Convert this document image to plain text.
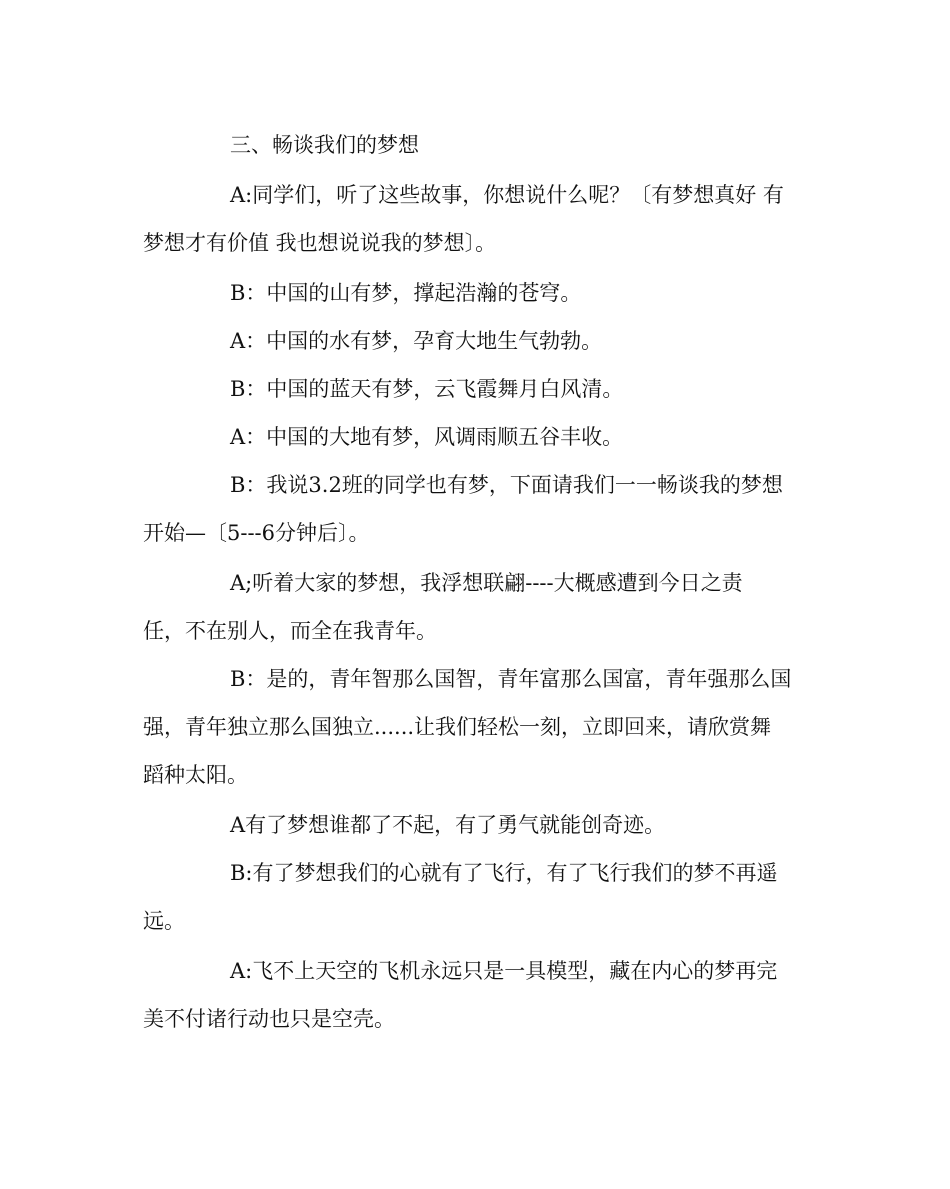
三、畅谈我们的梦想
A:同学们，听了这些故事，你想说什么呢？〔有梦想真好 有
梦想才有价值 我也想说说我的梦想〕。
B：中国的山有梦，撑起浩瀚的苍穹。
A：中国的水有梦，孕育大地生气勃勃。
B：中国的蓝天有梦，云飞霞舞月白风清。
A：中国的大地有梦，风调雨顺五谷丰收。
B：我说3.2班的同学也有梦，下面请我们一一畅谈我的梦想
开始—〔5---6分钟后〕。
A;听着大家的梦想，我浮想联翩----大概感遭到今日之责
任，不在别人，而全在我青年。
B：是的，青年智那么国智，青年富那么国富，青年强那么国
强，青年独立那么国独立......让我们轻松一刻，立即回来，请欣赏舞
蹈种太阳。
A有了梦想谁都了不起，有了勇气就能创奇迹。
B:有了梦想我们的心就有了飞行，有了飞行我们的梦不再遥
远。
A:飞不上天空的飞机永远只是一具模型，藏在内心的梦再完
美不付诸行动也只是空壳。
